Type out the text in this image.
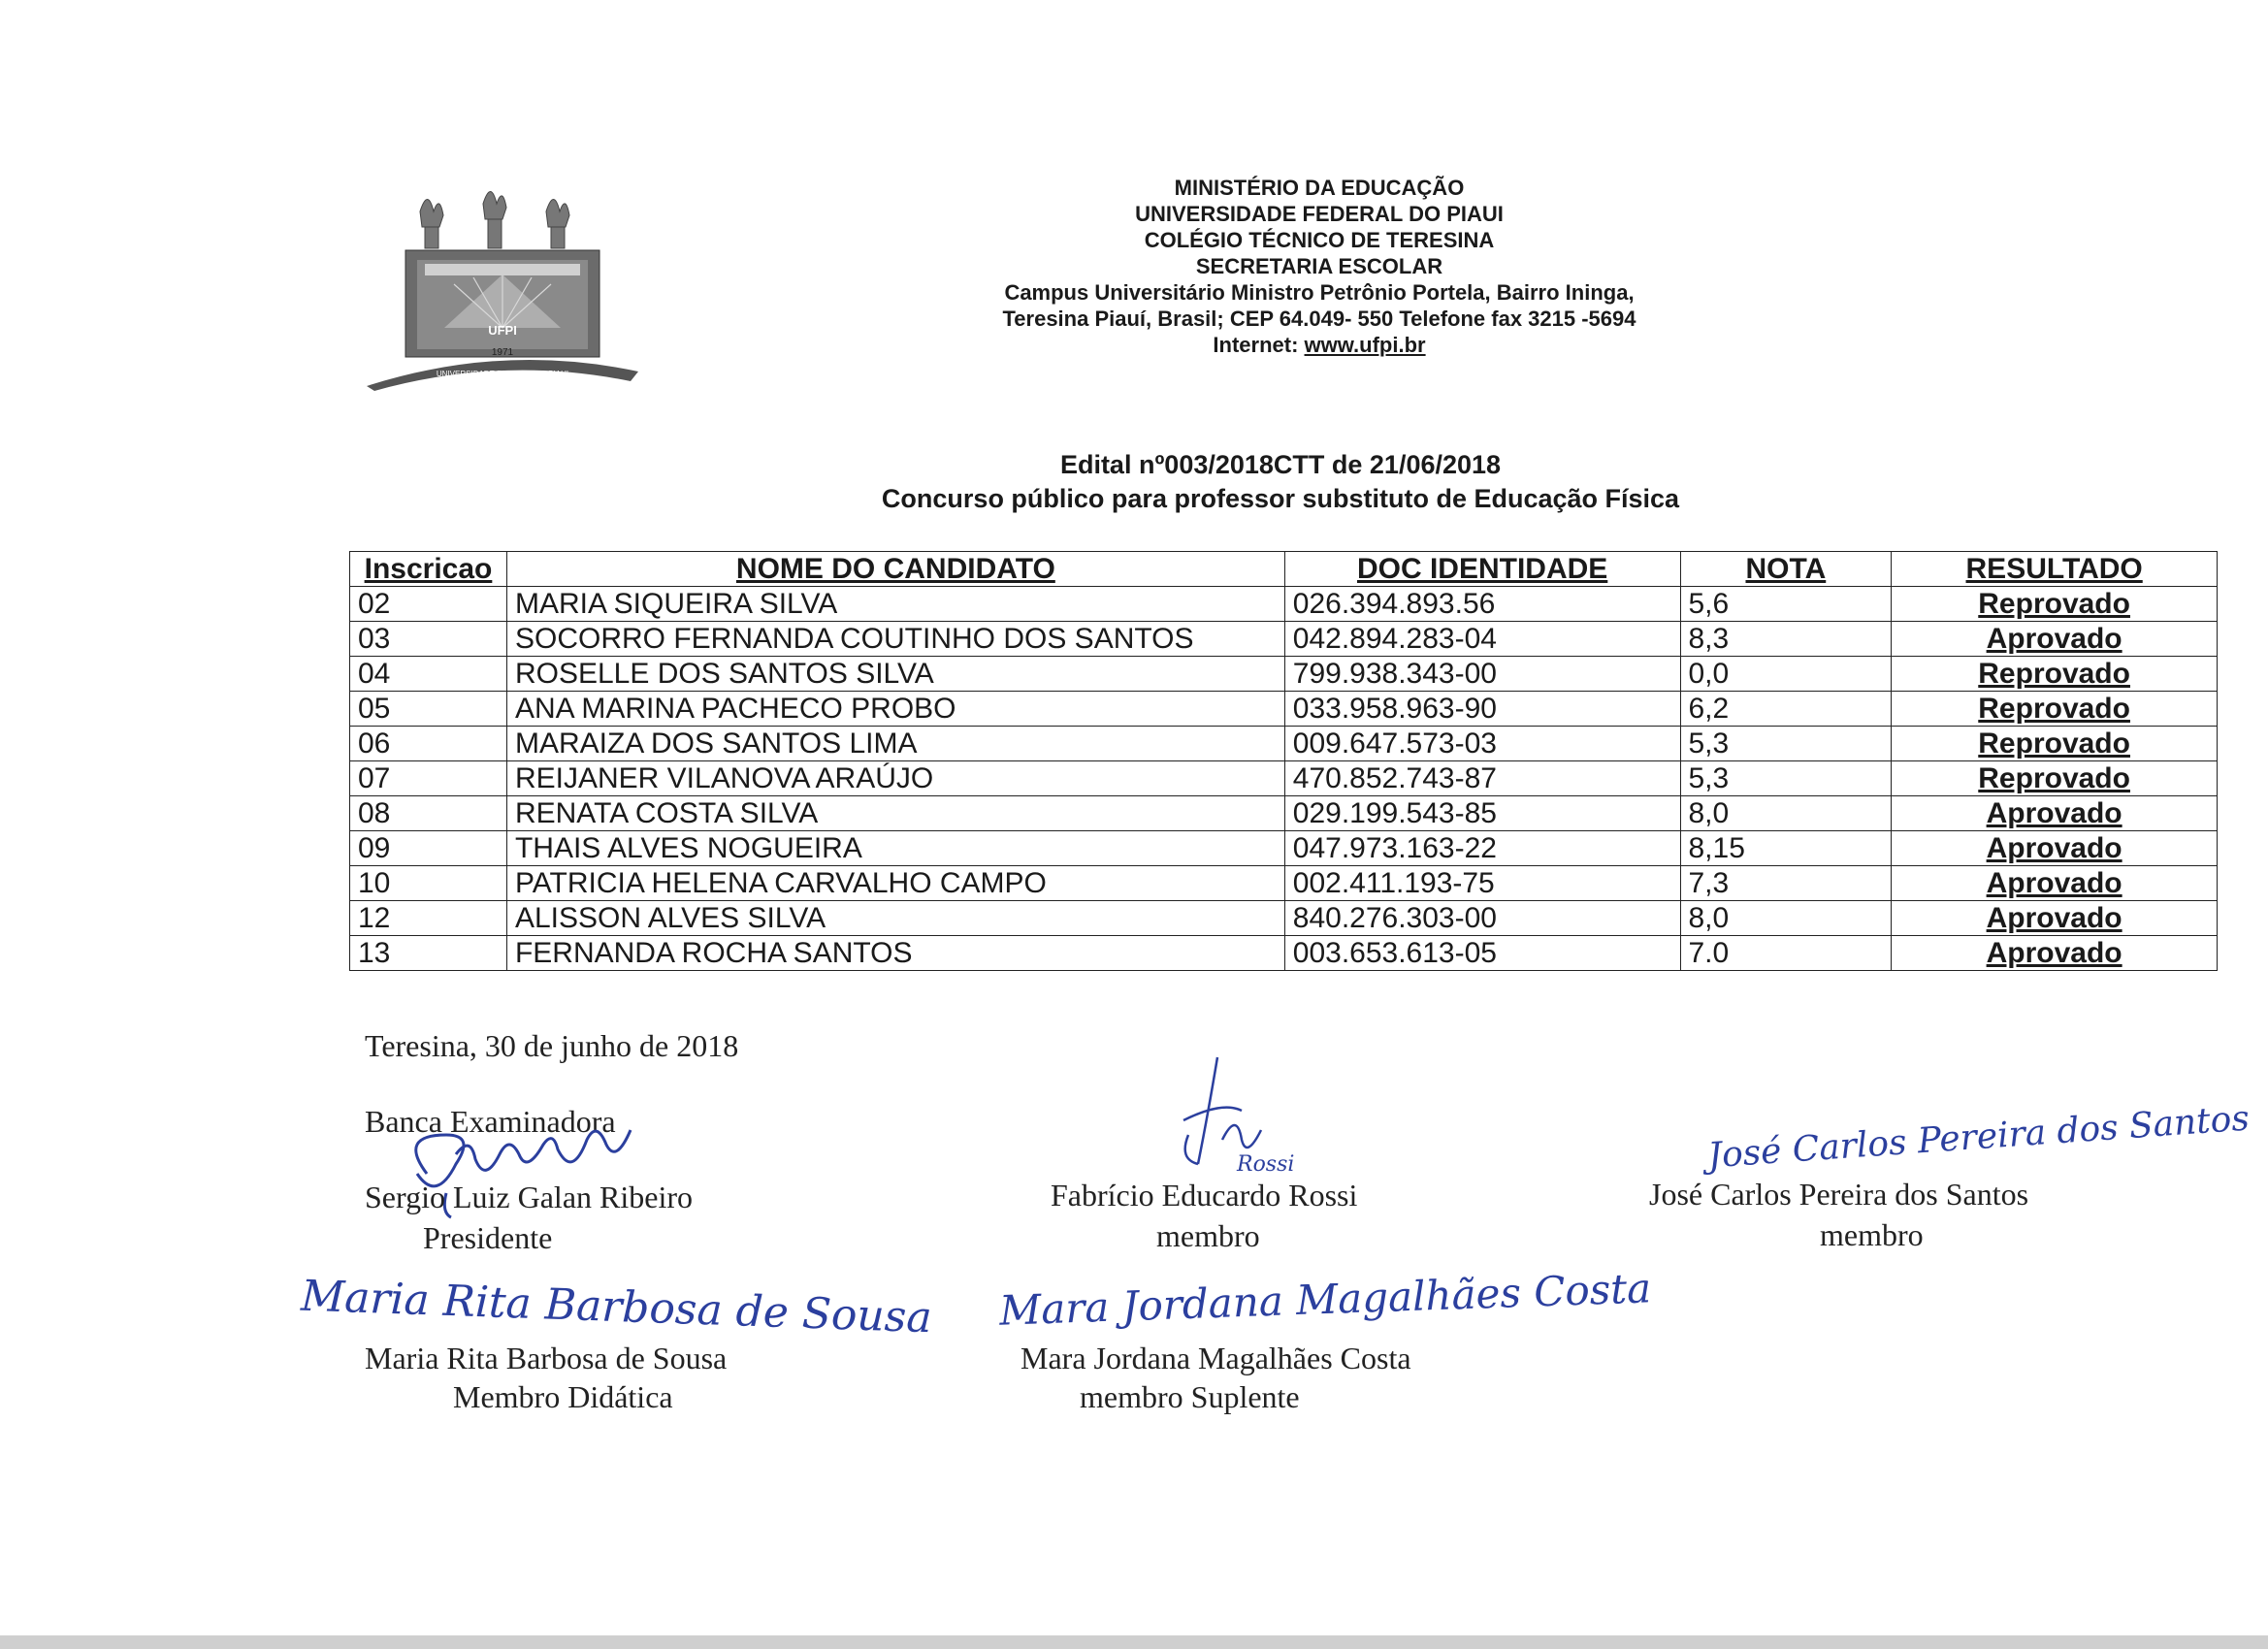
UFPI
1971
UNIVERSIDADE FEDERAL DO PIAUI
MINISTÉRIO DA EDUCAÇÃO
UNIVERSIDADE FEDERAL DO PIAUI
COLÉGIO TÉCNICO DE TERESINA
SECRETARIA ESCOLAR
Campus Universitário Ministro Petrônio Portela, Bairro Ininga,
Teresina Piauí, Brasil; CEP 64.049- 550 Telefone fax 3215 -5694
Internet: www.ufpi.br
Edital nº003/2018CTT de 21/06/2018
Concurso público para professor substituto de Educação Física
Inscricao	NOME DO CANDIDATO	DOC IDENTIDADE	NOTA	RESULTADO
02	MARIA SIQUEIRA SILVA	026.394.893.56	5,6	Reprovado
03	SOCORRO FERNANDA COUTINHO DOS SANTOS	042.894.283-04	8,3	Aprovado
04	ROSELLE DOS SANTOS SILVA	799.938.343-00	0,0	Reprovado
05	ANA MARINA PACHECO PROBO	033.958.963-90	6,2	Reprovado
06	MARAIZA DOS SANTOS LIMA	009.647.573-03	5,3	Reprovado
07	REIJANER VILANOVA ARAÚJO	470.852.743-87	5,3	Reprovado
08	RENATA COSTA SILVA	029.199.543-85	8,0	Aprovado
09	THAIS ALVES NOGUEIRA	047.973.163-22	8,15	Aprovado
10	PATRICIA HELENA CARVALHO CAMPO	002.411.193-75	7,3	Aprovado
12	ALISSON ALVES SILVA	840.276.303-00	8,0	Aprovado
13	FERNANDA ROCHA SANTOS	003.653.613-05	7.0	Aprovado
Teresina, 30 de junho de 2018
Banca Examinadora
Rossi	José Carlos Pereira dos Santos
Maria Rita Barbosa de Sousa Mara Jordana Magalhães Costa
Sergio Luiz Galan Ribeiro
Presidente
Fabrício Educardo Rossi
membro
José Carlos Pereira dos Santos
membro
Maria Rita Barbosa de Sousa
Membro Didática
Mara Jordana Magalhães Costa
membro Suplente
